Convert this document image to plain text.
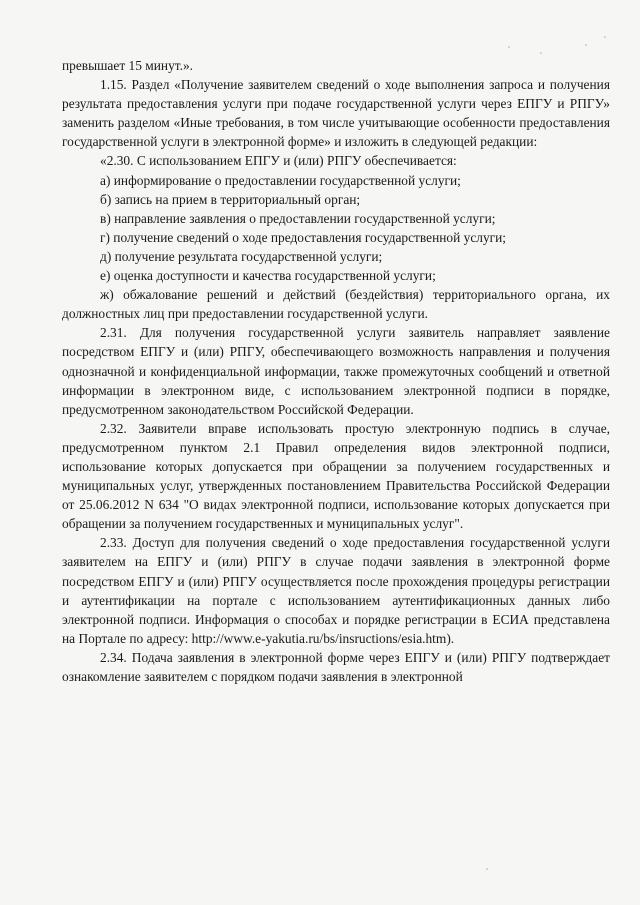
превышает 15 минут.».

1.15. Раздел «Получение заявителем сведений о ходе выполнения запроса и получения результата предоставления услуги при подаче государственной услуги через ЕПГУ и РПГУ» заменить разделом «Иные требования, в том числе учитывающие особенности предоставления государственной услуги в электронной форме» и изложить в следующей редакции:

«2.30. С использованием ЕПГУ и (или) РПГУ обеспечивается:

а) информирование о предоставлении государственной услуги;

б) запись на прием в территориальный орган;

в) направление заявления о предоставлении государственной услуги;

г) получение сведений о ходе предоставления государственной услуги;

д) получение результата государственной услуги;

е) оценка доступности и качества государственной услуги;

ж) обжалование решений и действий (бездействия) территориального органа, их должностных лиц при предоставлении государственной услуги.

2.31. Для получения государственной услуги заявитель направляет заявление посредством ЕПГУ и (или) РПГУ, обеспечивающего возможность направления и получения однозначной и конфиденциальной информации, также промежуточных сообщений и ответной информации в электронном виде, с использованием электронной подписи в порядке, предусмотренном законодательством Российской Федерации.

2.32. Заявители вправе использовать простую электронную подпись в случае, предусмотренном пунктом 2.1 Правил определения видов электронной подписи, использование которых допускается при обращении за получением государственных и муниципальных услуг, утвержденных постановлением Правительства Российской Федерации от 25.06.2012 N 634 "О видах электронной подписи, использование которых допускается при обращении за получением государственных и муниципальных услуг".

2.33. Доступ для получения сведений о ходе предоставления государственной услуги заявителем на ЕПГУ и (или) РПГУ в случае подачи заявления в электронной форме посредством ЕПГУ и (или) РПГУ осуществляется после прохождения процедуры регистрации и аутентификации на портале с использованием аутентификационных данных либо электронной подписи. Информация о способах и порядке регистрации в ЕСИА представлена на Портале по адресу: http://www.e-yakutia.ru/bs/insructions/esia.htm).

2.34. Подача заявления в электронной форме через ЕПГУ и (или) РПГУ подтверждает ознакомление заявителем с порядком подачи заявления в электронной
